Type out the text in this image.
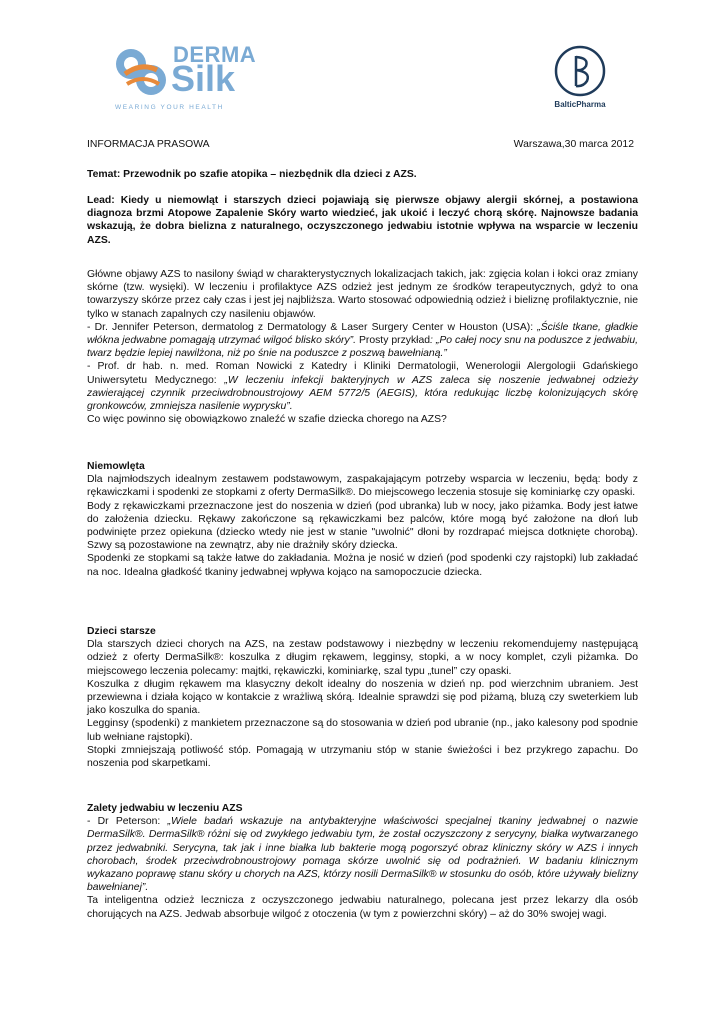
DERMA
Silk
WEARING YOUR HEALTH	BalticPharma
INFORMACJA PRASOWA	Warszawa,30 marca 2012
Temat: Przewodnik po szafie atopika – niezbędnik dla dzieci z AZS.
Lead: Kiedy u niemowląt i starszych dzieci pojawiają się pierwsze objawy alergii skórnej, a postawiona diagnoza brzmi Atopowe Zapalenie Skóry warto wiedzieć, jak ukoić i leczyć chorą skórę. Najnowsze badania wskazują, że dobra bielizna z naturalnego, oczyszczonego jedwabiu istotnie wpływa na wsparcie w leczeniu AZS.

Główne objawy AZS to nasilony świąd w charakterystycznych lokalizacjach takich, jak: zgięcia kolan i łokci oraz zmiany skórne (tzw. wysięki). W leczeniu i profilaktyce AZS odzież jest jednym ze środków terapeutycznych, gdyż to ona towarzyszy skórze przez cały czas i jest jej najbliższa. Warto stosować odpowiednią odzież i bieliznę profilaktycznie, nie tylko w stanach zapalnych czy nasileniu objawów.

- Dr. Jennifer Peterson, dermatolog z Dermatology & Laser Surgery Center w Houston (USA): „Ściśle tkane, gładkie włókna jedwabne pomagają utrzymać wilgoć blisko skóry”. Prosty przykład: „Po całej nocy snu na poduszce z jedwabiu, twarz będzie lepiej nawilżona, niż po śnie na poduszce z poszwą bawełnianą.”

- Prof. dr hab. n. med. Roman Nowicki z Katedry i Kliniki Dermatologii, Wenerologii Alergologii Gdańskiego Uniwersytetu Medycznego: „W leczeniu infekcji bakteryjnych w AZS zaleca się noszenie jedwabnej odzieży zawierającej czynnik przeciwdrobnoustrojowy AEM 5772/5 (AEGIS), która redukując liczbę kolonizujących skórę gronkowców, zmniejsza nasilenie wyprysku”.

Co więc powinno się obowiązkowo znaleźć w szafie dziecka chorego na AZS?

Niemowlęta

Dla najmłodszych idealnym zestawem podstawowym, zaspakajającym potrzeby wsparcia w leczeniu, będą: body z rękawiczkami i spodenki ze stopkami z oferty DermaSilk®. Do miejscowego leczenia stosuje się kominiarkę czy opaski.

Body z rękawiczkami przeznaczone jest do noszenia w dzień (pod ubranka) lub w nocy, jako piżamka. Body jest łatwe do założenia dziecku. Rękawy zakończone są rękawiczkami bez palców, które mogą być założone na dłoń lub podwinięte przez opiekuna (dziecko wtedy nie jest w stanie "uwolnić" dłoni by rozdrapać miejsca dotknięte chorobą). Szwy są pozostawione na zewnątrz, aby nie drażniły skóry dziecka.

Spodenki ze stopkami są także łatwe do zakładania. Można je nosić w dzień (pod spodenki czy rajstopki) lub zakładać na noc. Idealna gładkość tkaniny jedwabnej wpływa kojąco na samopoczucie dziecka.

Dzieci starsze

Dla starszych dzieci chorych na AZS, na zestaw podstawowy i niezbędny w leczeniu rekomendujemy następującą odzież z oferty DermaSilk®: koszulka z długim rękawem, legginsy, stopki, a w nocy komplet, czyli piżamka. Do miejscowego leczenia polecamy: majtki, rękawiczki, kominiarkę, szal typu „tunel” czy opaski.

Koszulka z długim rękawem ma klasyczny dekolt idealny do noszenia w dzień np. pod wierzchnim ubraniem. Jest przewiewna i działa kojąco w kontakcie z wrażliwą skórą. Idealnie sprawdzi się pod piżamą, bluzą czy sweterkiem lub jako koszulka do spania.

Legginsy (spodenki) z mankietem przeznaczone są do stosowania w dzień pod ubranie (np., jako kalesony pod spodnie lub wełniane rajstopki).

Stopki zmniejszają potliwość stóp. Pomagają w utrzymaniu stóp w stanie świeżości i bez przykrego zapachu. Do noszenia pod skarpetkami.

Zalety jedwabiu w leczeniu AZS

- Dr Peterson: „Wiele badań wskazuje na antybakteryjne właściwości specjalnej tkaniny jedwabnej o nazwie DermaSilk®. DermaSilk® różni się od zwykłego jedwabiu tym, że został oczyszczony z serycyny, białka wytwarzanego przez jedwabniki. Serycyna, tak jak i inne białka lub bakterie mogą pogorszyć obraz kliniczny skóry w AZS i innych chorobach, środek przeciwdrobnoustrojowy pomaga skórze uwolnić się od podrażnień. W badaniu klinicznym wykazano poprawę stanu skóry u chorych na AZS, którzy nosili DermaSilk® w stosunku do osób, które używały bielizny bawełnianej”.

Ta inteligentna odzież lecznicza z oczyszczonego jedwabiu naturalnego, polecana jest przez lekarzy dla osób chorujących na AZS. Jedwab absorbuje wilgoć z otoczenia (w tym z powierzchni skóry) – aż do 30% swojej wagi.
